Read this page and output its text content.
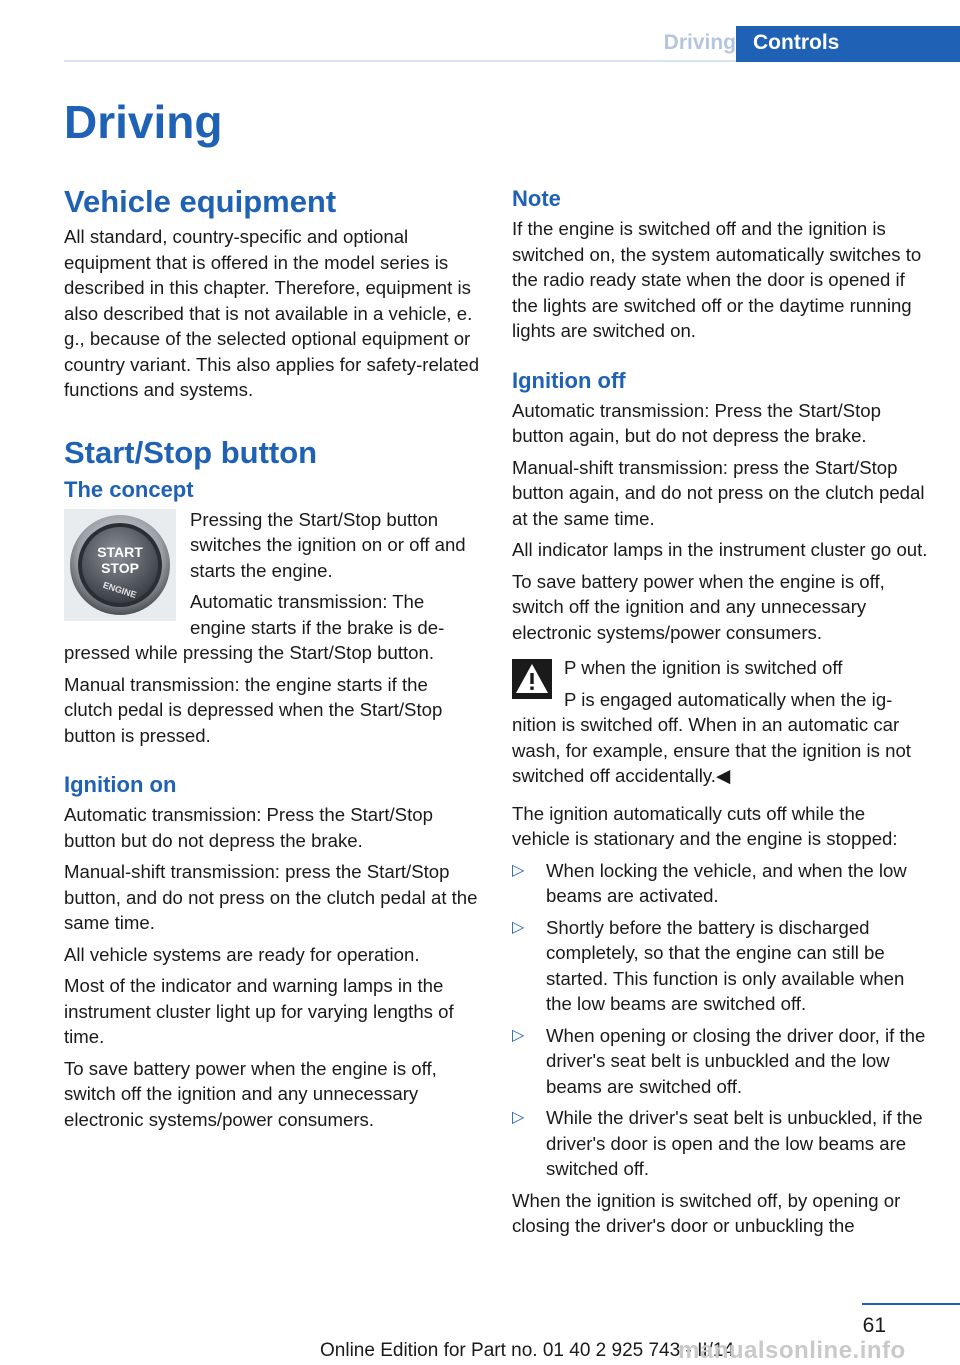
Driving Controls
Driving
Vehicle equipment

All standard, country-specific and optional equipment that is offered in the model series is described in this chapter. Therefore, equipment is also described that is not available in a vehicle, e. g., because of the selected optional equipment or country variant. This also applies for safety-related functions and systems.

Start/Stop button
The concept
START
STOP
ENGINE

Pressing the Start/Stop button switches the ignition on or off and starts the engine.

Automatic transmission: The engine starts if the brake is depressed while pressing the Start/Stop button.

Manual transmission: the engine starts if the clutch pedal is depressed when the Start/Stop button is pressed.

Ignition on

Automatic transmission: Press the Start/Stop button but do not depress the brake.

Manual-shift transmission: press the Start/Stop button, and do not press on the clutch pedal at the same time.

All vehicle systems are ready for operation.

Most of the indicator and warning lamps in the instrument cluster light up for varying lengths of time.

To save battery power when the engine is off, switch off the ignition and any unnecessary electronic systems/power consumers.

Note

If the engine is switched off and the ignition is switched on, the system automatically switches to the radio ready state when the door is opened if the lights are switched off or the daytime running lights are switched on.

Ignition off

Automatic transmission: Press the Start/Stop button again, but do not depress the brake.

Manual-shift transmission: press the Start/Stop button again, and do not press on the clutch pedal at the same time.

All indicator lamps in the instrument cluster go out.

To save battery power when the engine is off, switch off the ignition and any unnecessary electronic systems/power consumers.

P when the ignition is switched off

P is engaged automatically when the ignition is switched off. When in an automatic car wash, for example, ensure that the ignition is not switched off accidentally.◀

The ignition automatically cuts off while the vehicle is stationary and the engine is stopped:

▷ When locking the vehicle, and when the low beams are activated.
▷ Shortly before the battery is discharged completely, so that the engine can still be started. This function is only available when the low beams are switched off.
▷ When opening or closing the driver door, if the driver's seat belt is unbuckled and the low beams are switched off.
▷ While the driver's seat belt is unbuckled, if the driver's door is open and the low beams are switched off.

When the ignition is switched off, by opening or closing the driver's door or unbuckling the

61
Online Edition for Part no. 01 40 2 925 743 - II/14
manualsonline.info
